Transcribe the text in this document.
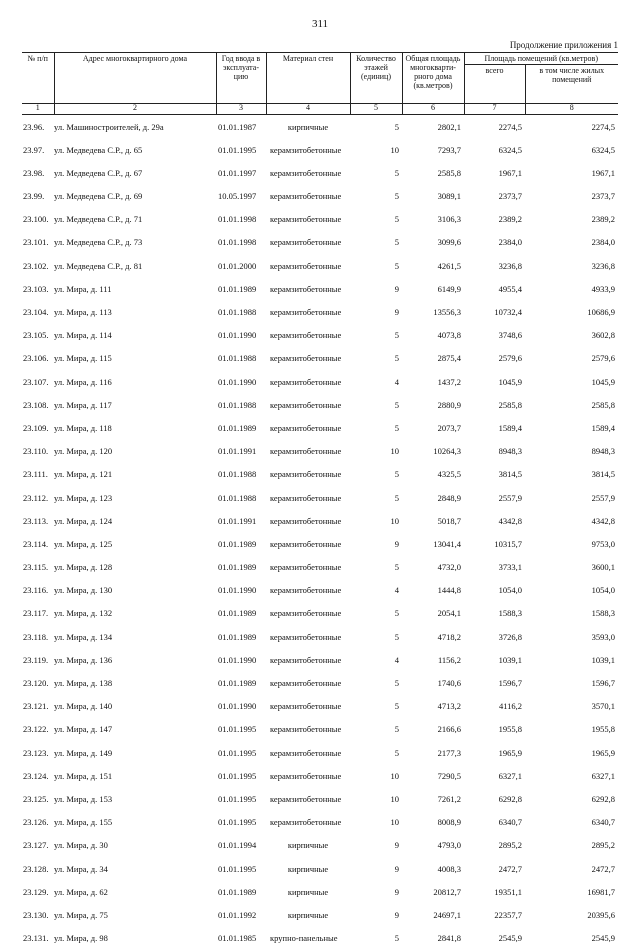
311
Продолжение приложения 1
№ п/п	Адрес многоквартирного дома	Год ввода в эксплуата-цию	Материал стен	Количество этажей (единиц)	Общая площадь многокварти-рного дома (кв.метров)	Площадь помещений (кв.метров)	
						всего	в том числе жилых помещений
1	2	3	4	5	6	7	8
23.96.	ул. Машиностроителей, д. 29а	01.01.1987	кирпичные	5	2802,1	2274,5	2274,5
23.97.	ул. Медведева С.Р., д. 65	01.01.1995	керамзитобетонные	10	7293,7	6324,5	6324,5
23.98.	ул. Медведева С.Р., д. 67	01.01.1997	керамзитобетонные	5	2585,8	1967,1	1967,1
23.99.	ул. Медведева С.Р., д. 69	10.05.1997	керамзитобетонные	5	3089,1	2373,7	2373,7
23.100.	ул. Медведева С.Р., д. 71	01.01.1998	керамзитобетонные	5	3106,3	2389,2	2389,2
23.101.	ул. Медведева С.Р., д. 73	01.01.1998	керамзитобетонные	5	3099,6	2384,0	2384,0
23.102.	ул. Медведева С.Р., д. 81	01.01.2000	керамзитобетонные	5	4261,5	3236,8	3236,8
23.103.	ул. Мира, д. 111	01.01.1989	керамзитобетонные	9	6149,9	4955,4	4933,9
23.104.	ул. Мира, д. 113	01.01.1988	керамзитобетонные	9	13556,3	10732,4	10686,9
23.105.	ул. Мира, д. 114	01.01.1990	керамзитобетонные	5	4073,8	3748,6	3602,8
23.106.	ул. Мира, д. 115	01.01.1988	керамзитобетонные	5	2875,4	2579,6	2579,6
23.107.	ул. Мира, д. 116	01.01.1990	керамзитобетонные	4	1437,2	1045,9	1045,9
23.108.	ул. Мира, д. 117	01.01.1988	керамзитобетонные	5	2880,9	2585,8	2585,8
23.109.	ул. Мира, д. 118	01.01.1989	керамзитобетонные	5	2073,7	1589,4	1589,4
23.110.	ул. Мира, д. 120	01.01.1991	керамзитобетонные	10	10264,3	8948,3	8948,3
23.111.	ул. Мира, д. 121	01.01.1988	керамзитобетонные	5	4325,5	3814,5	3814,5
23.112.	ул. Мира, д. 123	01.01.1988	керамзитобетонные	5	2848,9	2557,9	2557,9
23.113.	ул. Мира, д. 124	01.01.1991	керамзитобетонные	10	5018,7	4342,8	4342,8
23.114.	ул. Мира, д. 125	01.01.1989	керамзитобетонные	9	13041,4	10315,7	9753,0
23.115.	ул. Мира, д. 128	01.01.1989	керамзитобетонные	5	4732,0	3733,1	3600,1
23.116.	ул. Мира, д. 130	01.01.1990	керамзитобетонные	4	1444,8	1054,0	1054,0
23.117.	ул. Мира, д. 132	01.01.1989	керамзитобетонные	5	2054,1	1588,3	1588,3
23.118.	ул. Мира, д. 134	01.01.1989	керамзитобетонные	5	4718,2	3726,8	3593,0
23.119.	ул. Мира, д. 136	01.01.1990	керамзитобетонные	4	1156,2	1039,1	1039,1
23.120.	ул. Мира, д. 138	01.01.1989	керамзитобетонные	5	1740,6	1596,7	1596,7
23.121.	ул. Мира, д. 140	01.01.1990	керамзитобетонные	5	4713,2	4116,2	3570,1
23.122.	ул. Мира, д. 147	01.01.1995	керамзитобетонные	5	2166,6	1955,8	1955,8
23.123.	ул. Мира, д. 149	01.01.1995	керамзитобетонные	5	2177,3	1965,9	1965,9
23.124.	ул. Мира, д. 151	01.01.1995	керамзитобетонные	10	7290,5	6327,1	6327,1
23.125.	ул. Мира, д. 153	01.01.1995	керамзитобетонные	10	7261,2	6292,8	6292,8
23.126.	ул. Мира, д. 155	01.01.1995	керамзитобетонные	10	8008,9	6340,7	6340,7
23.127.	ул. Мира, д. 30	01.01.1994	кирпичные	9	4793,0	2895,2	2895,2
23.128.	ул. Мира, д. 34	01.01.1995	кирпичные	9	4008,3	2472,7	2472,7
23.129.	ул. Мира, д. 62	01.01.1989	кирпичные	9	20812,7	19351,1	16981,7
23.130.	ул. Мира, д. 75	01.01.1992	кирпичные	9	24697,1	22357,7	20395,6
23.131.	ул. Мира, д. 98	01.01.1985	крупно-панельные	5	2841,8	2545,9	2545,9
